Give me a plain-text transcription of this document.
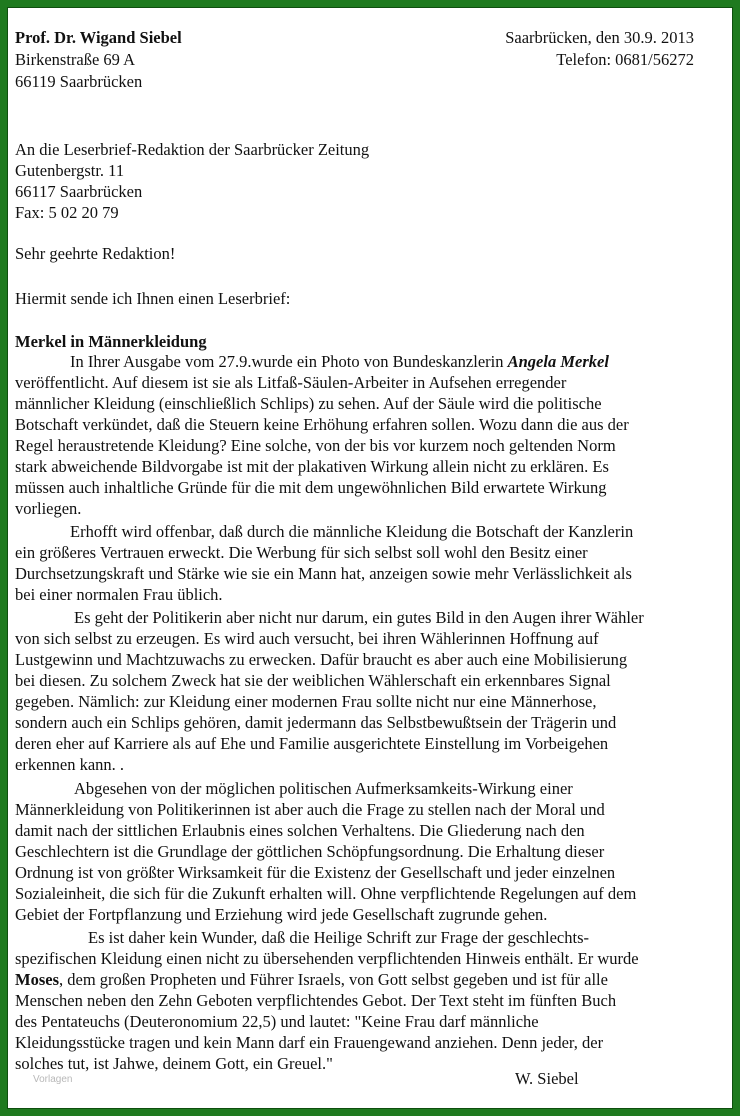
Prof. Dr. Wigand Siebel
Birkenstraße 69 A
66119 Saarbrücken
Saarbrücken, den 30.9. 2013
Telefon: 0681/56272
An die Leserbrief-Redaktion der Saarbrücker Zeitung
Gutenbergstr. 11
66117 Saarbrücken
Fax: 5 02 20 79
Sehr geehrte Redaktion!
Hiermit sende ich Ihnen einen Leserbrief:
Merkel in Männerkleidung
In Ihrer Ausgabe vom 27.9.wurde ein Photo von Bundeskanzlerin Angela Merkel
veröffentlicht. Auf diesem ist sie als Litfaß-Säulen-Arbeiter in Aufsehen erregender
männlicher Kleidung (einschließlich Schlips) zu sehen. Auf der Säule wird die politische
Botschaft verkündet, daß die Steuern keine Erhöhung erfahren sollen. Wozu dann die aus der
Regel heraustretende Kleidung? Eine solche, von der bis vor kurzem noch geltenden Norm
stark abweichende Bildvorgabe ist mit der plakativen Wirkung allein nicht zu erklären. Es
müssen auch inhaltliche Gründe für die mit dem ungewöhnlichen Bild erwartete Wirkung
vorliegen.
Erhofft wird offenbar, daß durch die männliche Kleidung die Botschaft der Kanzlerin
ein größeres Vertrauen erweckt. Die Werbung für sich selbst soll wohl den Besitz einer
Durchsetzungskraft und Stärke wie sie ein Mann hat, anzeigen sowie mehr Verlässlichkeit als
bei einer normalen Frau üblich.
Es geht der Politikerin aber nicht nur darum, ein gutes Bild in den Augen ihrer Wähler
von sich selbst zu erzeugen. Es wird auch versucht, bei ihren Wählerinnen Hoffnung auf
Lustgewinn und Machtzuwachs zu erwecken. Dafür braucht es aber auch eine Mobilisierung
bei diesen. Zu solchem Zweck hat sie der weiblichen Wählerschaft ein erkennbares Signal
gegeben. Nämlich: zur Kleidung einer modernen Frau sollte nicht nur eine Männerhose,
sondern auch ein Schlips gehören, damit jedermann das Selbstbewußtsein der Trägerin und
deren eher auf Karriere als auf Ehe und Familie ausgerichtete Einstellung im Vorbeigehen
erkennen kann. .
Abgesehen von der möglichen politischen Aufmerksamkeits-Wirkung einer
Männerkleidung von Politikerinnen ist aber auch die Frage zu stellen nach der Moral und
damit nach der sittlichen Erlaubnis eines solchen Verhaltens. Die Gliederung nach den
Geschlechtern ist die Grundlage der göttlichen Schöpfungsordnung. Die Erhaltung dieser
Ordnung ist von größter Wirksamkeit für die Existenz der Gesellschaft und jeder einzelnen
Sozialeinheit, die sich für die Zukunft erhalten will. Ohne verpflichtende Regelungen auf dem
Gebiet der Fortpflanzung und Erziehung wird jede Gesellschaft zugrunde gehen.
Es ist daher kein Wunder, daß die Heilige Schrift zur Frage der geschlechts-
spezifischen Kleidung einen nicht zu übersehenden verpflichtenden Hinweis enthält. Er wurde
Moses, dem großen Propheten und Führer Israels, von Gott selbst gegeben und ist für alle
Menschen neben den Zehn Geboten verpflichtendes Gebot. Der Text steht im fünften Buch
des Pentateuchs (Deuteronomium 22,5) und lautet: "Keine Frau darf männliche
Kleidungsstücke tragen und kein Mann darf ein Frauengewand anziehen. Denn jeder, der
solches tut, ist Jahwe, deinem Gott, ein Greuel."
W. Siebel
Vorlagen
